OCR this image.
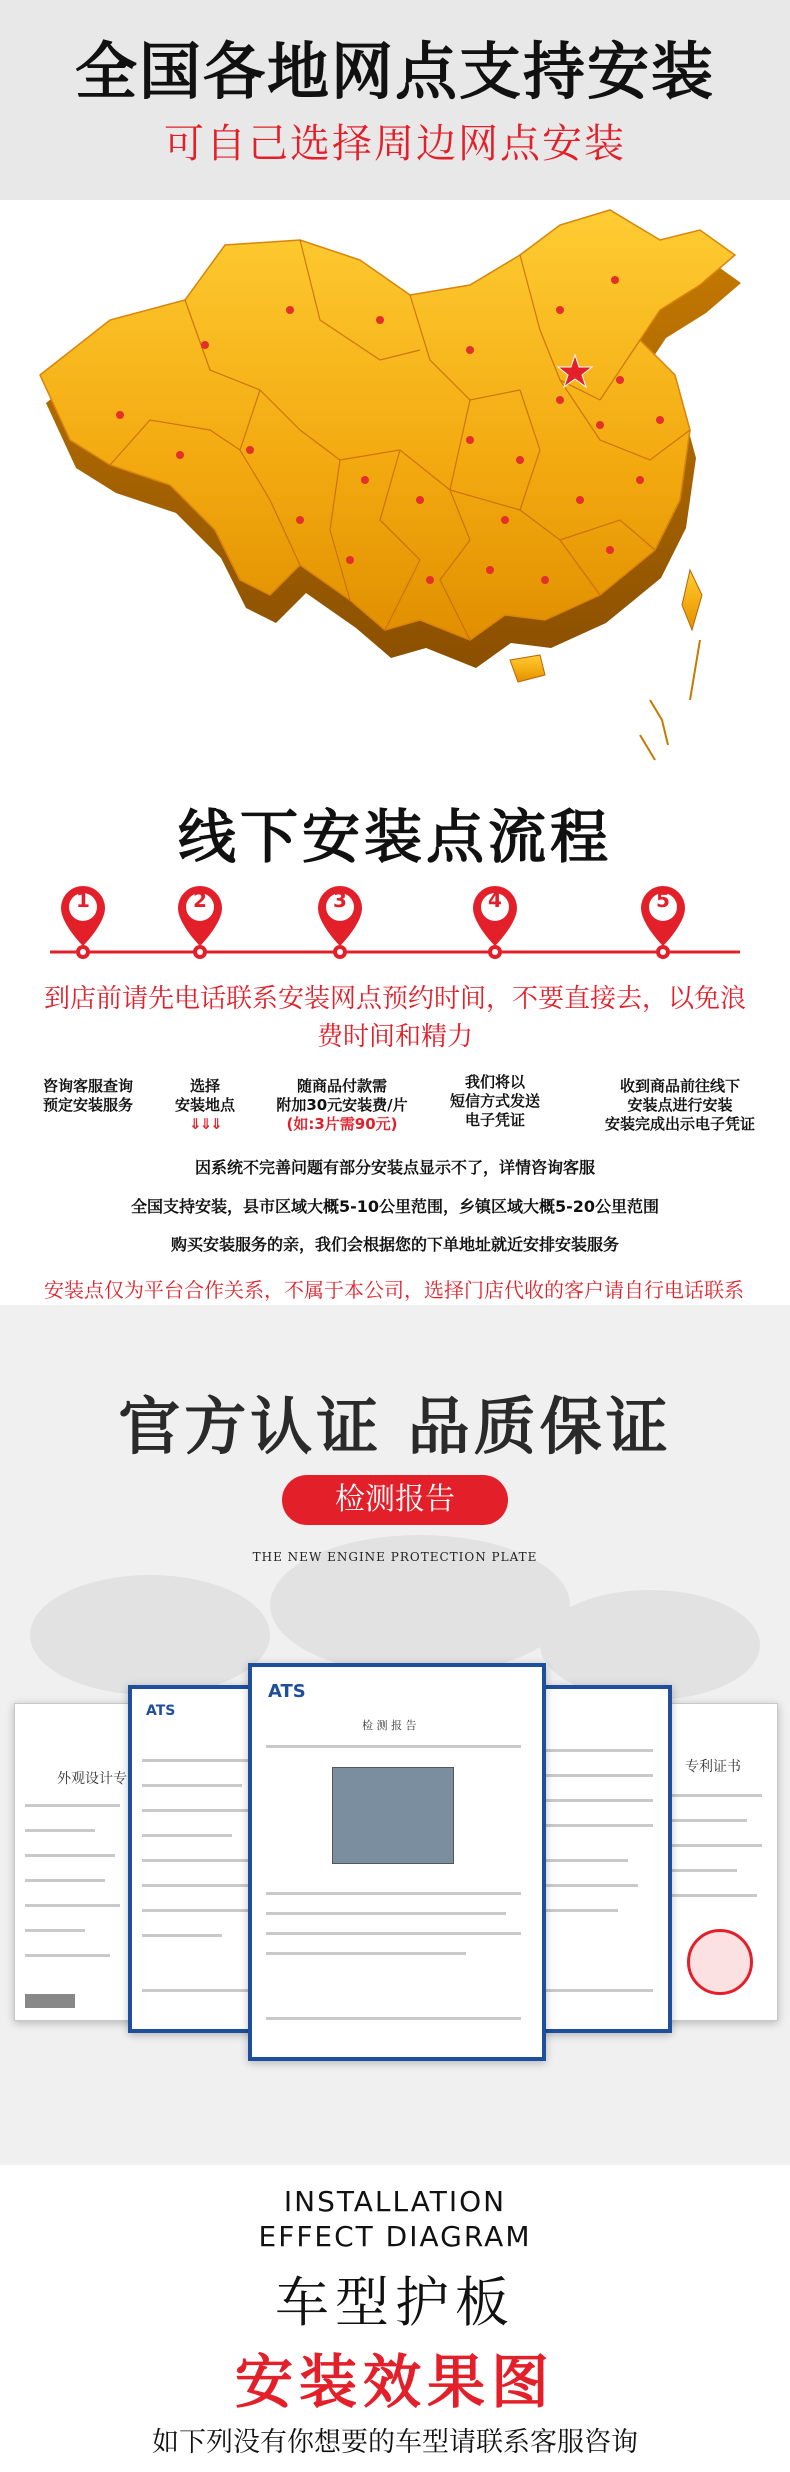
全国各地网点支持安装
可自己选择周边网点安装
线下安装点流程
1	2	3	4	5
到店前请先电话联系安装网点预约时间，不要直接去，以免浪费时间和精力
咨询客服查询
预定安装服务
选择
安装地点
⇓⇓⇓
随商品付款需
附加30元安装费/片
(如:3片需90元)
我们将以
短信方式发送
电子凭证
收到商品前往线下
安装点进行安装
安装完成出示电子凭证
因系统不完善问题有部分安装点显示不了，详情咨询客服
全国支持安装，县市区域大概5-10公里范围，乡镇区域大概5-20公里范围
购买安装服务的亲，我们会根据您的下单地址就近安排安装服务
安装点仅为平台合作关系，不属于本公司，选择门店代收的客户请自行电话联系
官方认证 品质保证
检测报告
THE NEW ENGINE PROTECTION PLATE
外观设计专
专利证书
ATS
ATS
检 测 报 告
INSTALLATION
EFFECT DIAGRAM
车型护板
安装效果图
如下列没有你想要的车型请联系客服咨询
